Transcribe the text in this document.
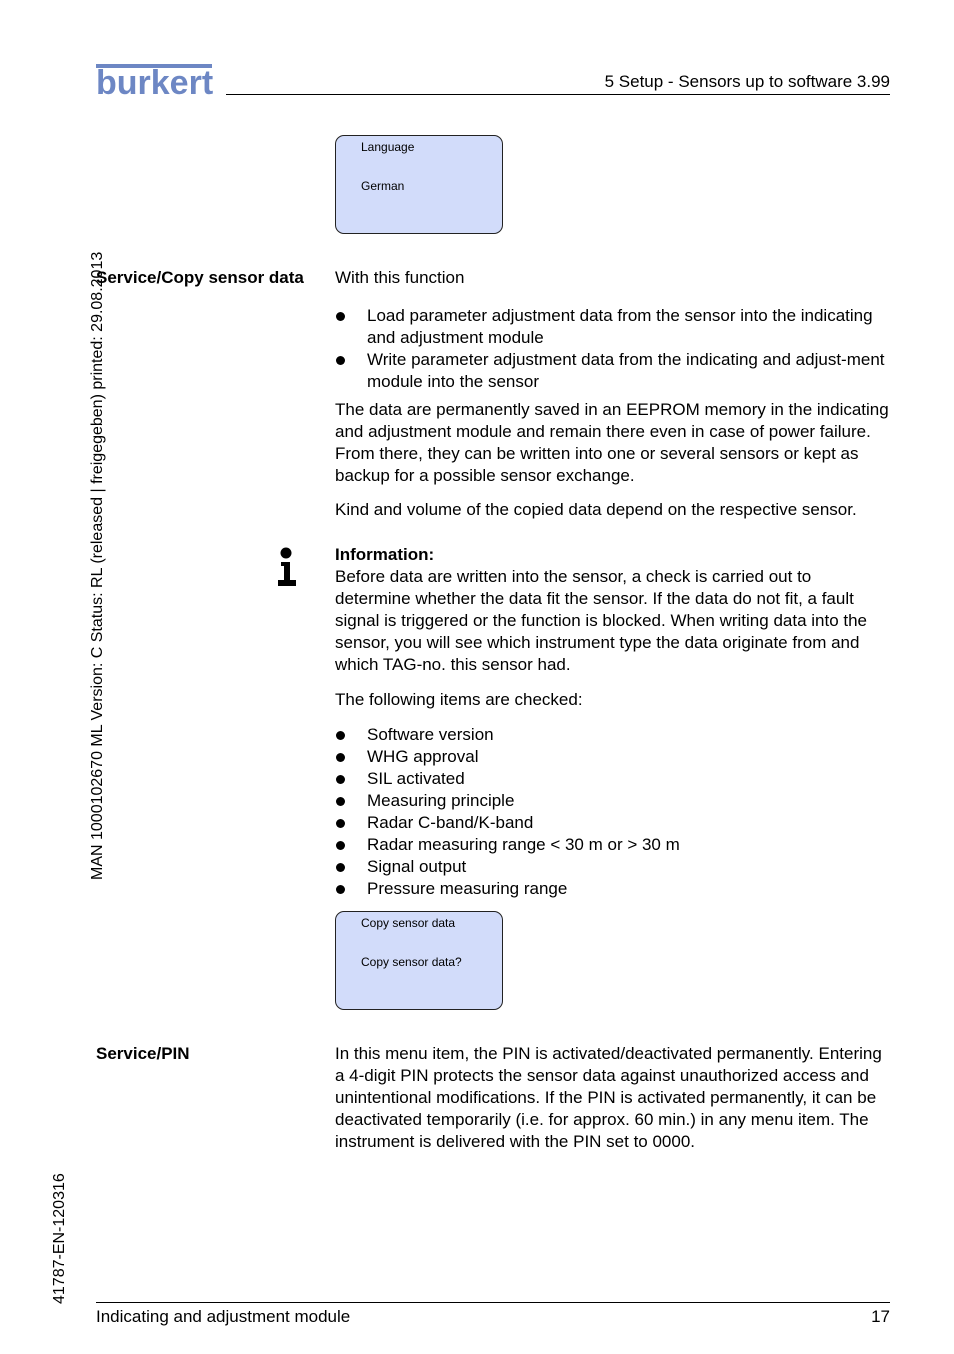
burkert	5 Setup - Sensors up to software 3.99
MAN 1000102670 ML Version: C Status: RL (released | freigegeben) printed: 29.08.2013
41787-EN-120316
Language
German
Service/Copy sensor data With this function

Load parameter adjustment data from the sensor into the indicating and adjustment module
Write parameter adjustment data from the indicating and adjust-ment module into the sensor

The data are permanently saved in an EEPROM memory in the indicating and adjustment module and remain there even in case of power failure. From there, they can be written into one or several sensors or kept as backup for a possible sensor exchange.

Kind and volume of the copied data depend on the respective sensor.

Information:

Before data are written into the sensor, a check is carried out to determine whether the data fit the sensor. If the data do not fit, a fault signal is triggered or the function is blocked. When writing data into the sensor, you will see which instrument type the data originate from and which TAG-no. this sensor had.

The following items are checked:

Software version
WHG approval
SIL activated
Measuring principle
Radar C-band/K-band
Radar measuring range < 30 m or > 30 m
Signal output
Pressure measuring range
Copy sensor data
Copy sensor data?
Service/PIN	In this menu item, the PIN is activated/deactivated permanently. Entering a 4-digit PIN protects the sensor data against unauthorized access and unintentional modifications. If the PIN is activated permanently, it can be deactivated temporarily (i.e. for approx. 60 min.) in any menu item. The instrument is delivered with the PIN set to 0000.
Indicating and adjustment module	17
